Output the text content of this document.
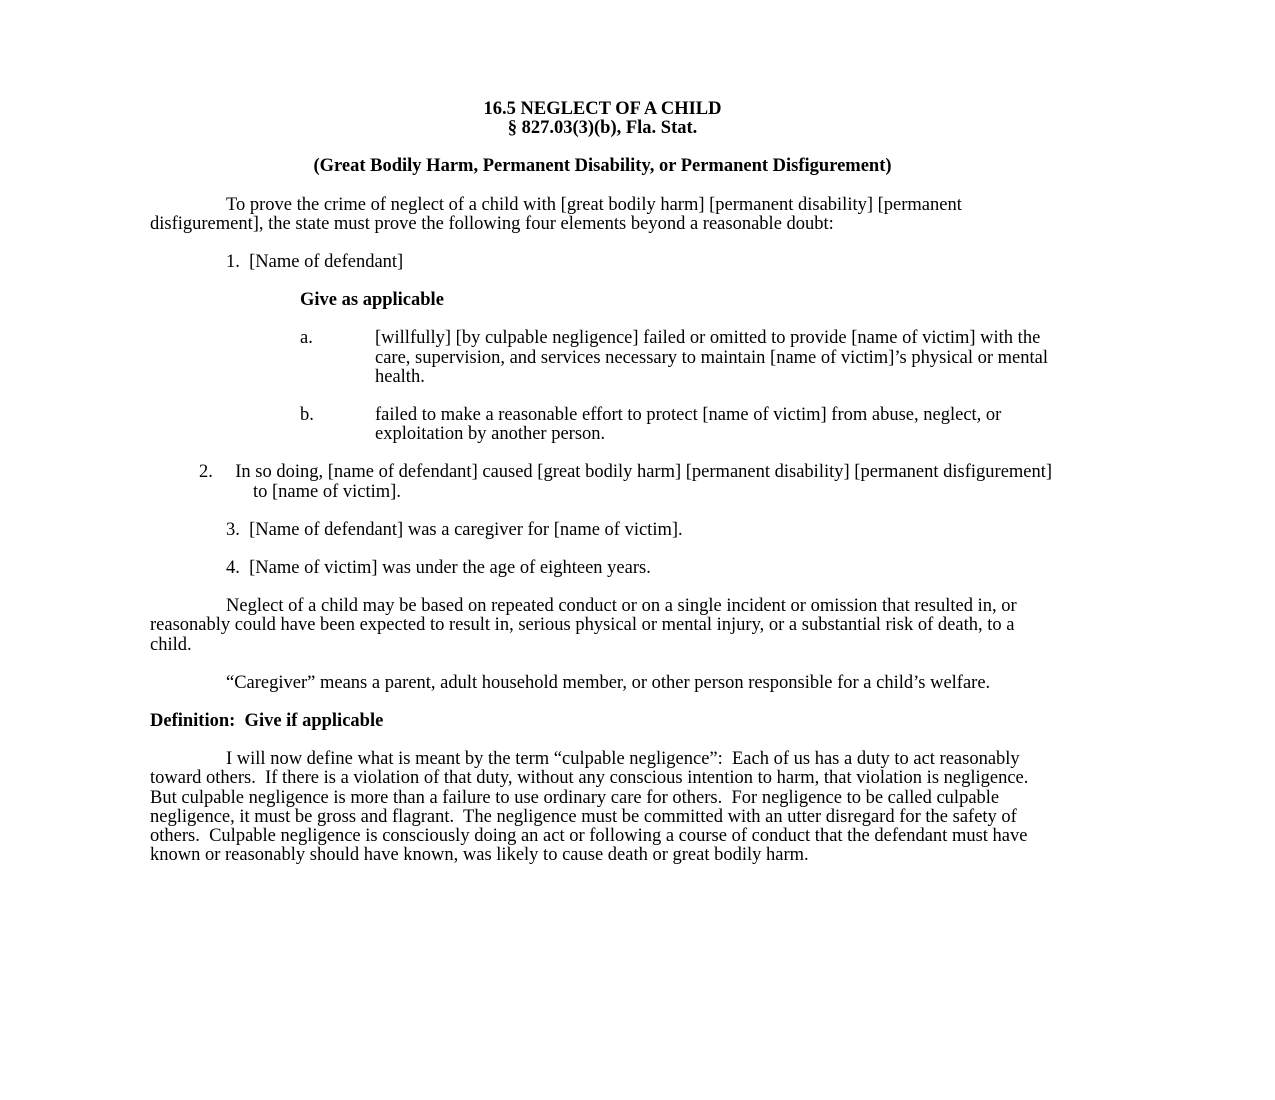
16.5 NEGLECT OF A CHILD

§ 827.03(3)(b), Fla. Stat.

(Great Bodily Harm, Permanent Disability, or Permanent Disfigurement)

To prove the crime of neglect of a child with [great bodily harm] [permanent disability] [permanent disfigurement], the state must prove the following four elements beyond a reasonable doubt:

1. [Name of defendant]

Give as applicable

a.	[willfully] [by culpable negligence] failed or omitted to provide [name of victim] with the care, supervision, and services necessary to maintain [name of victim]’s physical or mental health.
b.	failed to make a reasonable effort to protect [name of victim] from abuse, neglect, or exploitation by another person.

2. In so doing, [name of defendant] caused [great bodily harm] [permanent disability] [permanent disfigurement] to [name of victim].

3. [Name of defendant] was a caregiver for [name of victim].

4. [Name of victim] was under the age of eighteen years.

Neglect of a child may be based on repeated conduct or on a single incident or omission that resulted in, or reasonably could have been expected to result in, serious physical or mental injury, or a substantial risk of death, to a child.

“Caregiver” means a parent, adult household member, or other person responsible for a child’s welfare.

Definition:  Give if applicable

I will now define what is meant by the term “culpable negligence”:  Each of us has a duty to act reasonably toward others.  If there is a violation of that duty, without any conscious intention to harm, that violation is negligence.  But culpable negligence is more than a failure to use ordinary care for others.  For negligence to be called culpable negligence, it must be gross and flagrant.  The negligence must be committed with an utter disregard for the safety of others.  Culpable negligence is consciously doing an act or following a course of conduct that the defendant must have known or reasonably should have known, was likely to cause death or great bodily harm.
